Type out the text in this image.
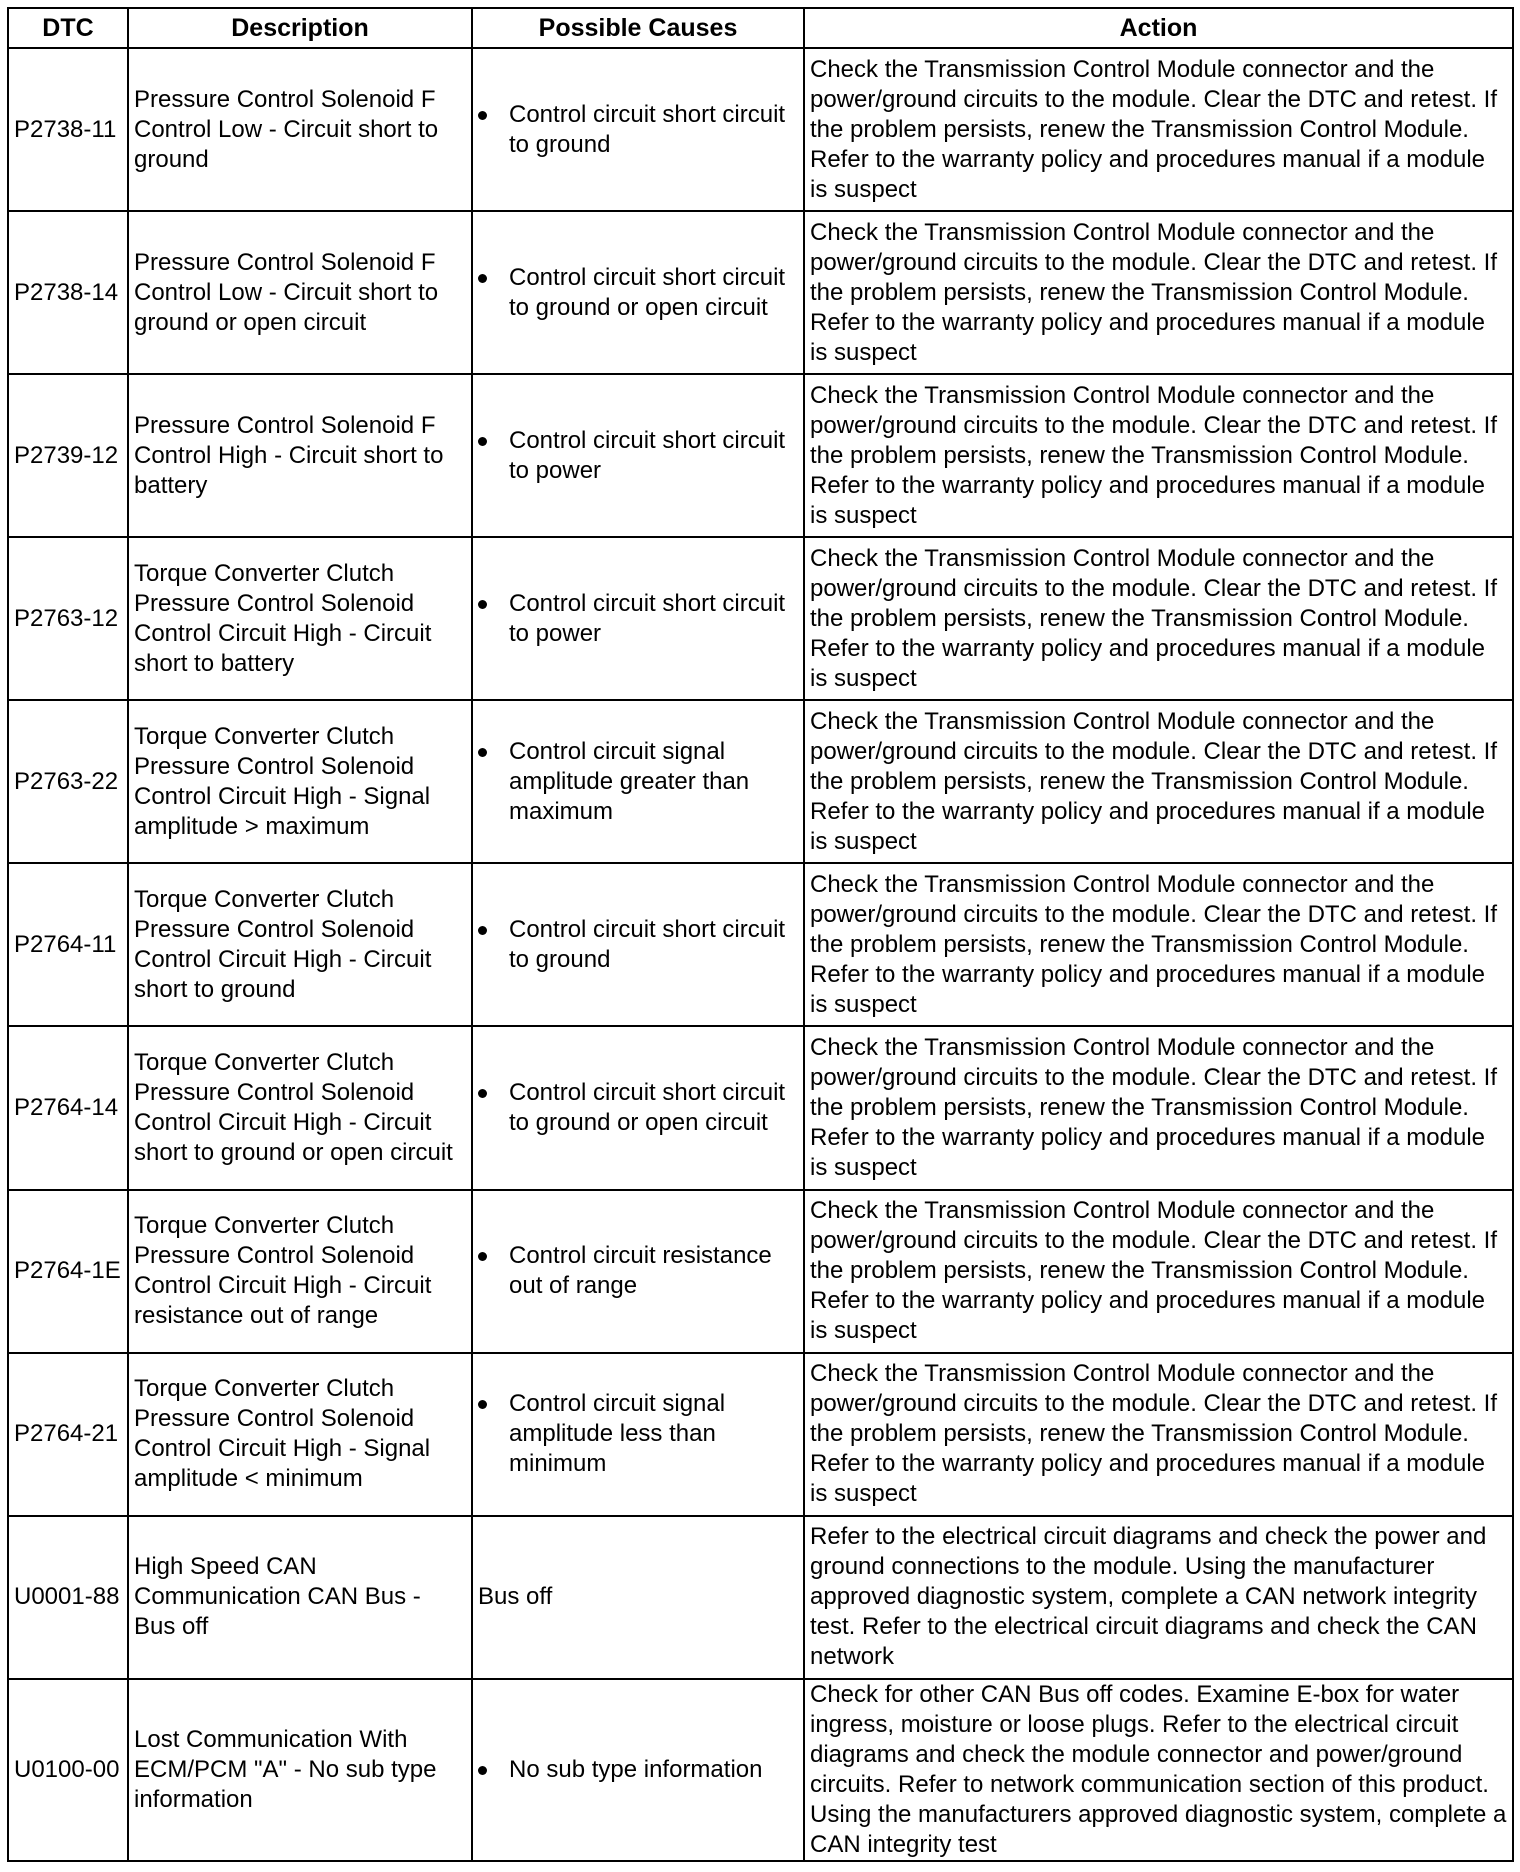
DTC	Description	Possible Causes	Action
P2738-11	Pressure Control Solenoid F Control Low - Circuit short to ground	Control circuit short circuit to ground	Check the Transmission Control Module connector and the power/ground circuits to the module. Clear the DTC and retest. If the problem persists, renew the Transmission Control Module. Refer to the warranty policy and procedures manual if a module is suspect
P2738-14	Pressure Control Solenoid F Control Low - Circuit short to ground or open circuit	Control circuit short circuit to ground or open circuit	Check the Transmission Control Module connector and the power/ground circuits to the module. Clear the DTC and retest. If the problem persists, renew the Transmission Control Module. Refer to the warranty policy and procedures manual if a module is suspect
P2739-12	Pressure Control Solenoid F Control High - Circuit short to battery	Control circuit short circuit to power	Check the Transmission Control Module connector and the power/ground circuits to the module. Clear the DTC and retest. If the problem persists, renew the Transmission Control Module. Refer to the warranty policy and procedures manual if a module is suspect
P2763-12	Torque Converter Clutch Pressure Control Solenoid Control Circuit High - Circuit short to battery	Control circuit short circuit to power	Check the Transmission Control Module connector and the power/ground circuits to the module. Clear the DTC and retest. If the problem persists, renew the Transmission Control Module. Refer to the warranty policy and procedures manual if a module is suspect
P2763-22	Torque Converter Clutch Pressure Control Solenoid Control Circuit High - Signal amplitude > maximum	Control circuit signal amplitude greater than maximum	Check the Transmission Control Module connector and the power/ground circuits to the module. Clear the DTC and retest. If the problem persists, renew the Transmission Control Module. Refer to the warranty policy and procedures manual if a module is suspect
P2764-11	Torque Converter Clutch Pressure Control Solenoid Control Circuit High - Circuit short to ground	Control circuit short circuit to ground	Check the Transmission Control Module connector and the power/ground circuits to the module. Clear the DTC and retest. If the problem persists, renew the Transmission Control Module. Refer to the warranty policy and procedures manual if a module is suspect
P2764-14	Torque Converter Clutch Pressure Control Solenoid Control Circuit High - Circuit short to ground or open circuit	Control circuit short circuit to ground or open circuit	Check the Transmission Control Module connector and the power/ground circuits to the module. Clear the DTC and retest. If the problem persists, renew the Transmission Control Module. Refer to the warranty policy and procedures manual if a module is suspect
P2764-1E	Torque Converter Clutch Pressure Control Solenoid Control Circuit High - Circuit resistance out of range	Control circuit resistance out of range	Check the Transmission Control Module connector and the power/ground circuits to the module. Clear the DTC and retest. If the problem persists, renew the Transmission Control Module. Refer to the warranty policy and procedures manual if a module is suspect
P2764-21	Torque Converter Clutch Pressure Control Solenoid Control Circuit High - Signal amplitude < minimum	Control circuit signal amplitude less than minimum	Check the Transmission Control Module connector and the power/ground circuits to the module. Clear the DTC and retest. If the problem persists, renew the Transmission Control Module. Refer to the warranty policy and procedures manual if a module is suspect
U0001-88	High Speed CAN Communication CAN Bus - Bus off	Bus off	Refer to the electrical circuit diagrams and check the power and ground connections to the module. Using the manufacturer approved diagnostic system, complete a CAN network integrity test. Refer to the electrical circuit diagrams and check the CAN network
U0100-00	Lost Communication With ECM/PCM "A" - No sub type information	No sub type information	Check for other CAN Bus off codes. Examine E-box for water ingress, moisture or loose plugs. Refer to the electrical circuit diagrams and check the module connector and power/ground circuits. Refer to network communication section of this product. Using the manufacturers approved diagnostic system, complete a CAN integrity test
